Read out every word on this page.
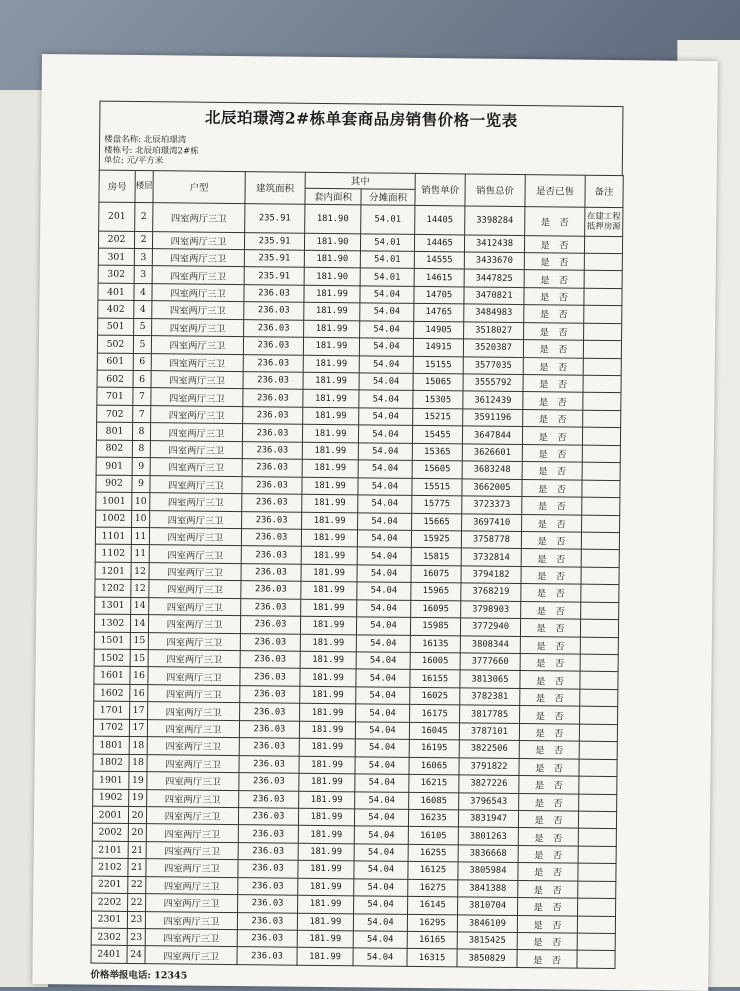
北辰珀璟湾2#栋单套商品房销售价格一览表
楼盘名称: 北辰珀璟湾
楼栋号: 北辰珀璟湾2#栋
单位: 元/平方米
房号	楼层	户型	建筑面积	其中		销售单价	销售总价	是否已售	备注
				套内面积	分摊面积				
201	2	四室两厅三卫	235.91	181.90	54.01	14405	3398284	是　否	在建工程抵押房源
202	2	四室两厅三卫	235.91	181.90	54.01	14465	3412438	是　否	
301	3	四室两厅三卫	235.91	181.90	54.01	14555	3433670	是　否	
302	3	四室两厅三卫	235.91	181.90	54.01	14615	3447825	是　否	
401	4	四室两厅三卫	236.03	181.99	54.04	14705	3470821	是　否	
402	4	四室两厅三卫	236.03	181.99	54.04	14765	3484983	是　否	
501	5	四室两厅三卫	236.03	181.99	54.04	14905	3518027	是　否	
502	5	四室两厅三卫	236.03	181.99	54.04	14915	3520387	是　否	
601	6	四室两厅三卫	236.03	181.99	54.04	15155	3577035	是　否	
602	6	四室两厅三卫	236.03	181.99	54.04	15065	3555792	是　否	
701	7	四室两厅三卫	236.03	181.99	54.04	15305	3612439	是　否	
702	7	四室两厅三卫	236.03	181.99	54.04	15215	3591196	是　否	
801	8	四室两厅三卫	236.03	181.99	54.04	15455	3647844	是　否	
802	8	四室两厅三卫	236.03	181.99	54.04	15365	3626601	是　否	
901	9	四室两厅三卫	236.03	181.99	54.04	15605	3683248	是　否	
902	9	四室两厅三卫	236.03	181.99	54.04	15515	3662005	是　否	
1001	10	四室两厅三卫	236.03	181.99	54.04	15775	3723373	是　否	
1002	10	四室两厅三卫	236.03	181.99	54.04	15665	3697410	是　否	
1101	11	四室两厅三卫	236.03	181.99	54.04	15925	3758778	是　否	
1102	11	四室两厅三卫	236.03	181.99	54.04	15815	3732814	是　否	
1201	12	四室两厅三卫	236.03	181.99	54.04	16075	3794182	是　否	
1202	12	四室两厅三卫	236.03	181.99	54.04	15965	3768219	是　否	
1301	14	四室两厅三卫	236.03	181.99	54.04	16095	3798903	是　否	
1302	14	四室两厅三卫	236.03	181.99	54.04	15985	3772940	是　否	
1501	15	四室两厅三卫	236.03	181.99	54.04	16135	3808344	是　否	
1502	15	四室两厅三卫	236.03	181.99	54.04	16005	3777660	是　否	
1601	16	四室两厅三卫	236.03	181.99	54.04	16155	3813065	是　否	
1602	16	四室两厅三卫	236.03	181.99	54.04	16025	3782381	是　否	
1701	17	四室两厅三卫	236.03	181.99	54.04	16175	3817785	是　否	
1702	17	四室两厅三卫	236.03	181.99	54.04	16045	3787101	是　否	
1801	18	四室两厅三卫	236.03	181.99	54.04	16195	3822506	是　否	
1802	18	四室两厅三卫	236.03	181.99	54.04	16065	3791822	是　否	
1901	19	四室两厅三卫	236.03	181.99	54.04	16215	3827226	是　否	
1902	19	四室两厅三卫	236.03	181.99	54.04	16085	3796543	是　否	
2001	20	四室两厅三卫	236.03	181.99	54.04	16235	3831947	是　否	
2002	20	四室两厅三卫	236.03	181.99	54.04	16105	3801263	是　否	
2101	21	四室两厅三卫	236.03	181.99	54.04	16255	3836668	是　否	
2102	21	四室两厅三卫	236.03	181.99	54.04	16125	3805984	是　否	
2201	22	四室两厅三卫	236.03	181.99	54.04	16275	3841388	是　否	
2202	22	四室两厅三卫	236.03	181.99	54.04	16145	3810704	是　否	
2301	23	四室两厅三卫	236.03	181.99	54.04	16295	3846109	是　否	
2302	23	四室两厅三卫	236.03	181.99	54.04	16165	3815425	是　否	
2401	24	四室两厅三卫	236.03	181.99	54.04	16315	3850829	是　否	
价格举报电话: 12345
